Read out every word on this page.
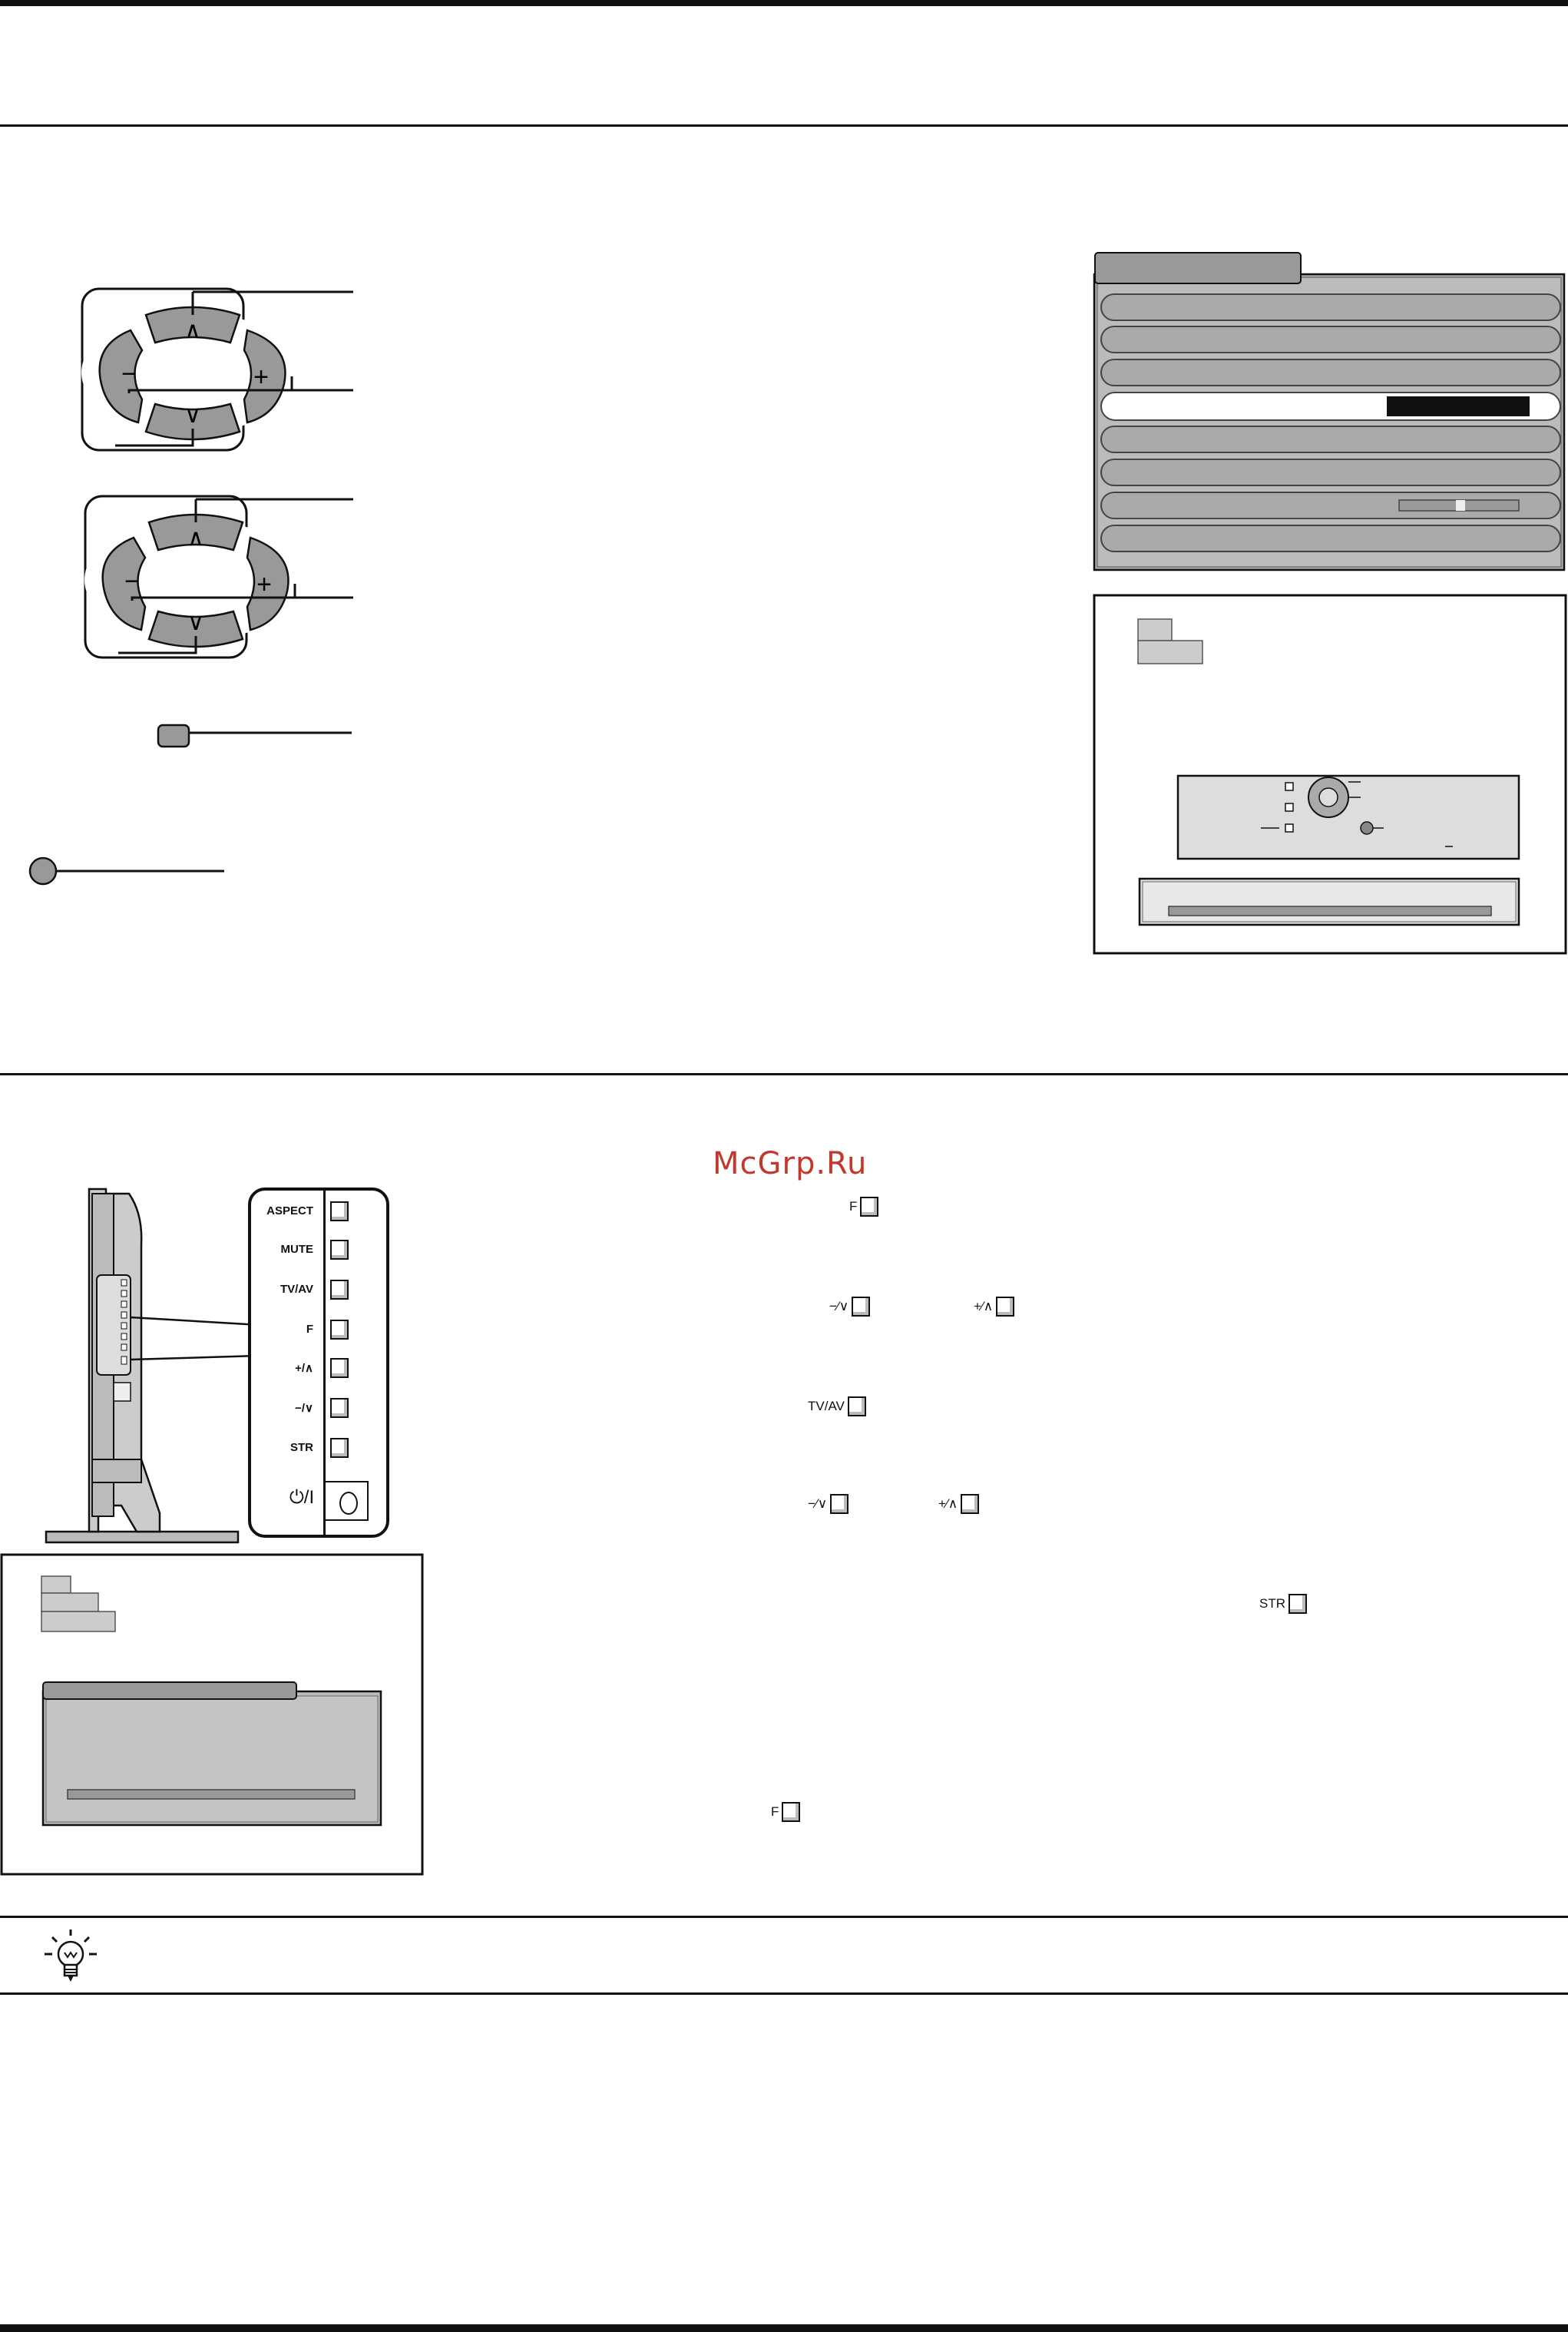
∧
∨
−	+
∧
∨
−	+
ASPECT
MUTE
TV/AV
F
+/∧
−/∨
STR
⏻/I
McGrp.Ru
F
−⁄∨	+⁄∧
TV/AV
−⁄∨	+⁄∧
STR
F
